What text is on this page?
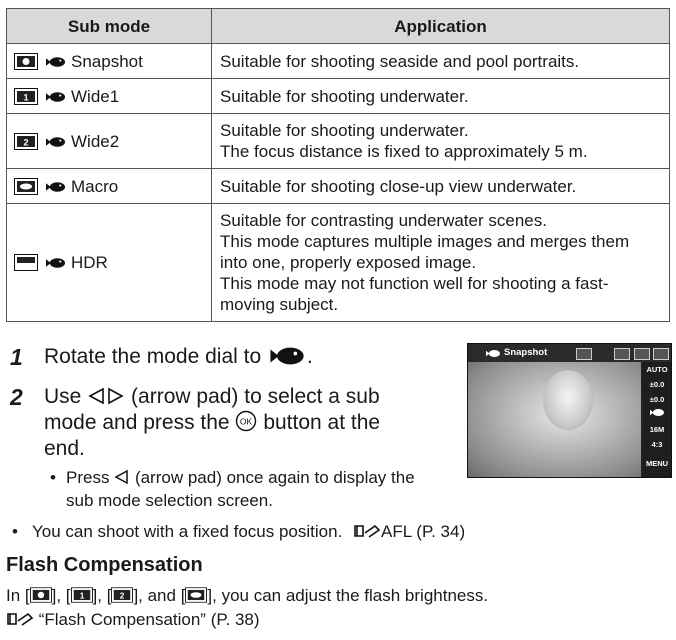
Sub mode	Application
Snapshot	Suitable for shooting seaside and pool portraits.

1 Wide1	Suitable for shooting underwater.

2 Wide2	Suitable for shooting underwater.
The focus distance is fixed to approximately 5 m.

Macro	Suitable for shooting close-up view underwater.

HDR	Suitable for contrasting underwater scenes.
This mode captures multiple images and merges them
into one, properly exposed image.
This mode may not function well for shooting a fast-
moving subject.
1 Rotate the mode dial to .
2 Use (arrow pad) to select a sub
mode and press the OK button at the
end.
• Press (arrow pad) once again to display the
sub mode selection screen.
• You can shoot with a fixed focus position. AFL (P. 34)
Flash Compensation
In [ ], [ 1 ], [ 2 ], and [ ], you can adjust the flash brightness.
“Flash Compensation” (P. 38)
Snapshot
AUTO
±0.0
±0.0
16M
4:3
MENU
